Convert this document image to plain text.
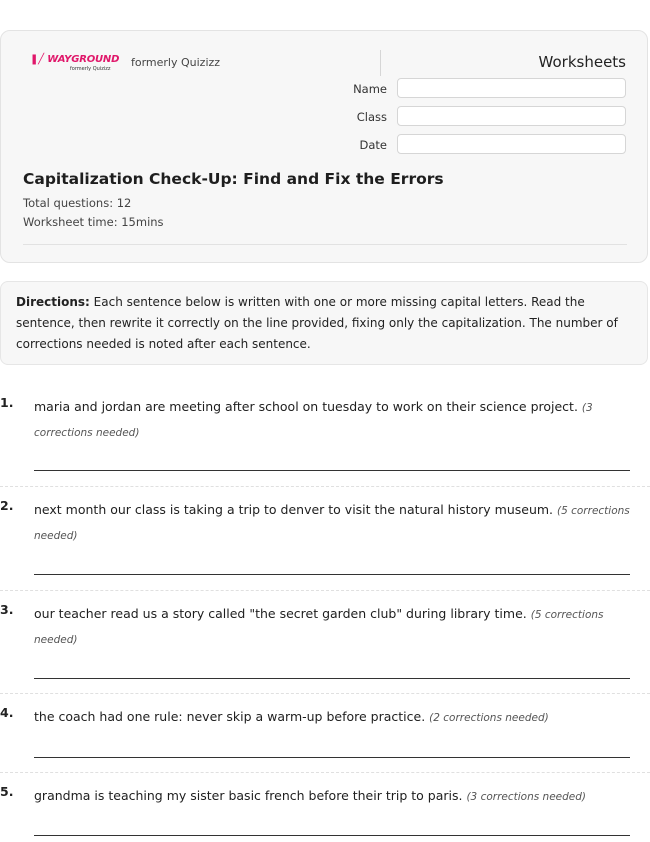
❚╱ WAYGROUND
formerly Quizizz formerly Quizizz	Worksheets
Name
Class
Date
Capitalization Check-Up: Find and Fix the Errors
Total questions: 12
Worksheet time: 15mins
Directions: Each sentence below is written with one or more missing capital letters. Read the sentence, then rewrite it correctly on the line provided, fixing only the capitalization. The number of corrections needed is noted after each sentence.
1. maria and jordan are meeting after school on tuesday to work on their science project. (3 corrections needed)
2. next month our class is taking a trip to denver to visit the natural history museum. (5 corrections needed)
3. our teacher read us a story called "the secret garden club" during library time. (5 corrections needed)
4. the coach had one rule: never skip a warm-up before practice. (2 corrections needed)
5. grandma is teaching my sister basic french before their trip to paris. (3 corrections needed)
